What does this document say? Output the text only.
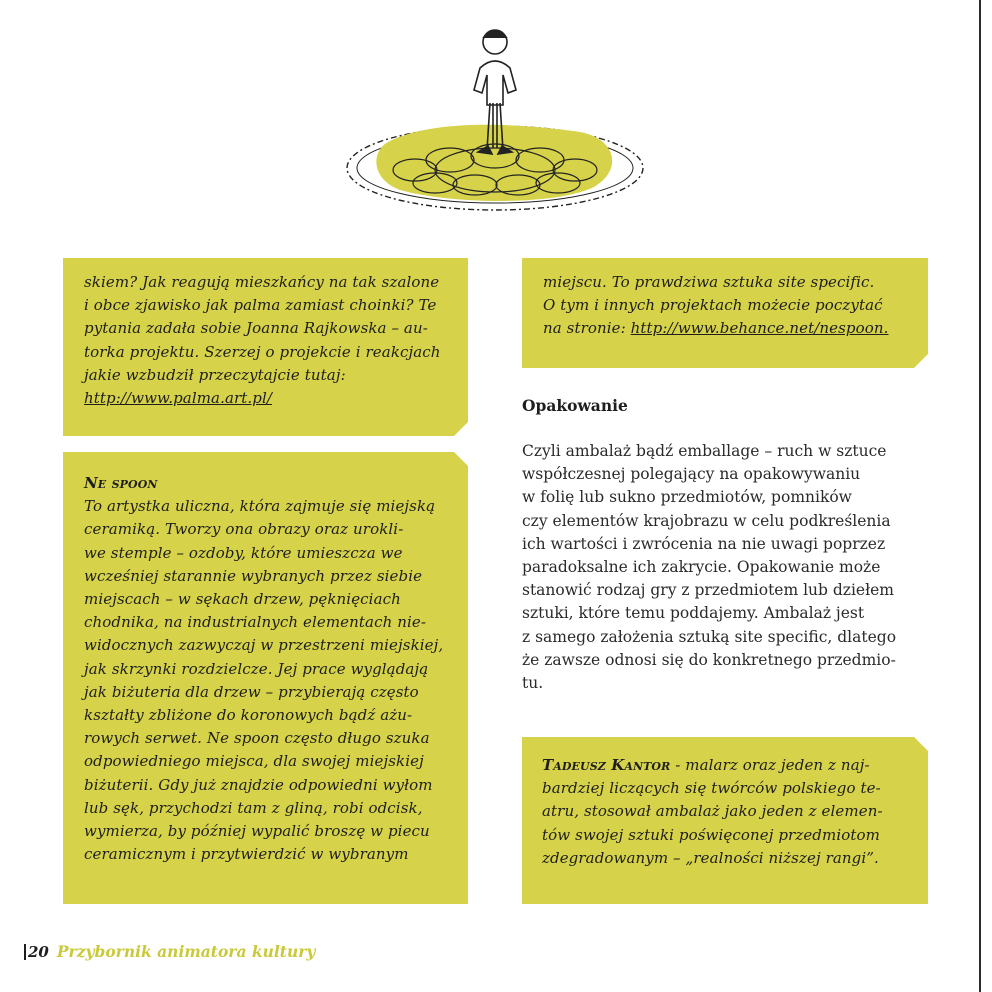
skiem? Jak reagują mieszkańcy na tak szalone
i obce zjawisko jak palma zamiast choinki? Te
pytania zadała sobie Joanna Rajkowska – au-
torka projektu. Szerzej o projekcie i reakcjach
jakie wzbudził przeczytajcie tutaj:
http://www.palma.art.pl/
Ne spoon
To artystka uliczna, która zajmuje się miejską
ceramiką. Tworzy ona obrazy oraz urokli-
we stemple – ozdoby, które umieszcza we
wcześniej starannie wybranych przez siebie
miejscach – w sękach drzew, pęknięciach
chodnika, na industrialnych elementach nie-
widocznych zazwyczaj w przestrzeni miejskiej,
jak skrzynki rozdzielcze. Jej prace wyglądają
jak biżuteria dla drzew – przybierają często
kształty zbliżone do koronowych bądź ażu-
rowych serwet. Ne spoon często długo szuka
odpowiedniego miejsca, dla swojej miejskiej
biżuterii. Gdy już znajdzie odpowiedni wyłom
lub sęk, przychodzi tam z gliną, robi odcisk,
wymierza, by później wypalić broszę w piecu
ceramicznym i przytwierdzić w wybranym
miejscu. To prawdziwa sztuka site specific.
O tym i innych projektach możecie poczytać
na stronie: http://www.behance.net/nespoon.
Opakowanie
Czyli ambalaż bądź emballage – ruch w sztuce
współczesnej polegający na opakowywaniu
w folię lub sukno przedmiotów, pomników
czy elementów krajobrazu w celu podkreślenia
ich wartości i zwrócenia na nie uwagi poprzez
paradoksalne ich zakrycie. Opakowanie może
stanowić rodzaj gry z przedmiotem lub dziełem
sztuki, które temu poddajemy. Ambalaż jest
z samego założenia sztuką site specific, dlatego
że zawsze odnosi się do konkretnego przedmio-
tu.
Tadeusz Kantor - malarz oraz jeden z naj-
bardziej liczących się twórców polskiego te-
atru, stosował ambalaż jako jeden z elemen-
tów swojej sztuki poświęconej przedmiotom
zdegradowanym – „realności niższej rangi”.
20 Przybornik animatora kultury
